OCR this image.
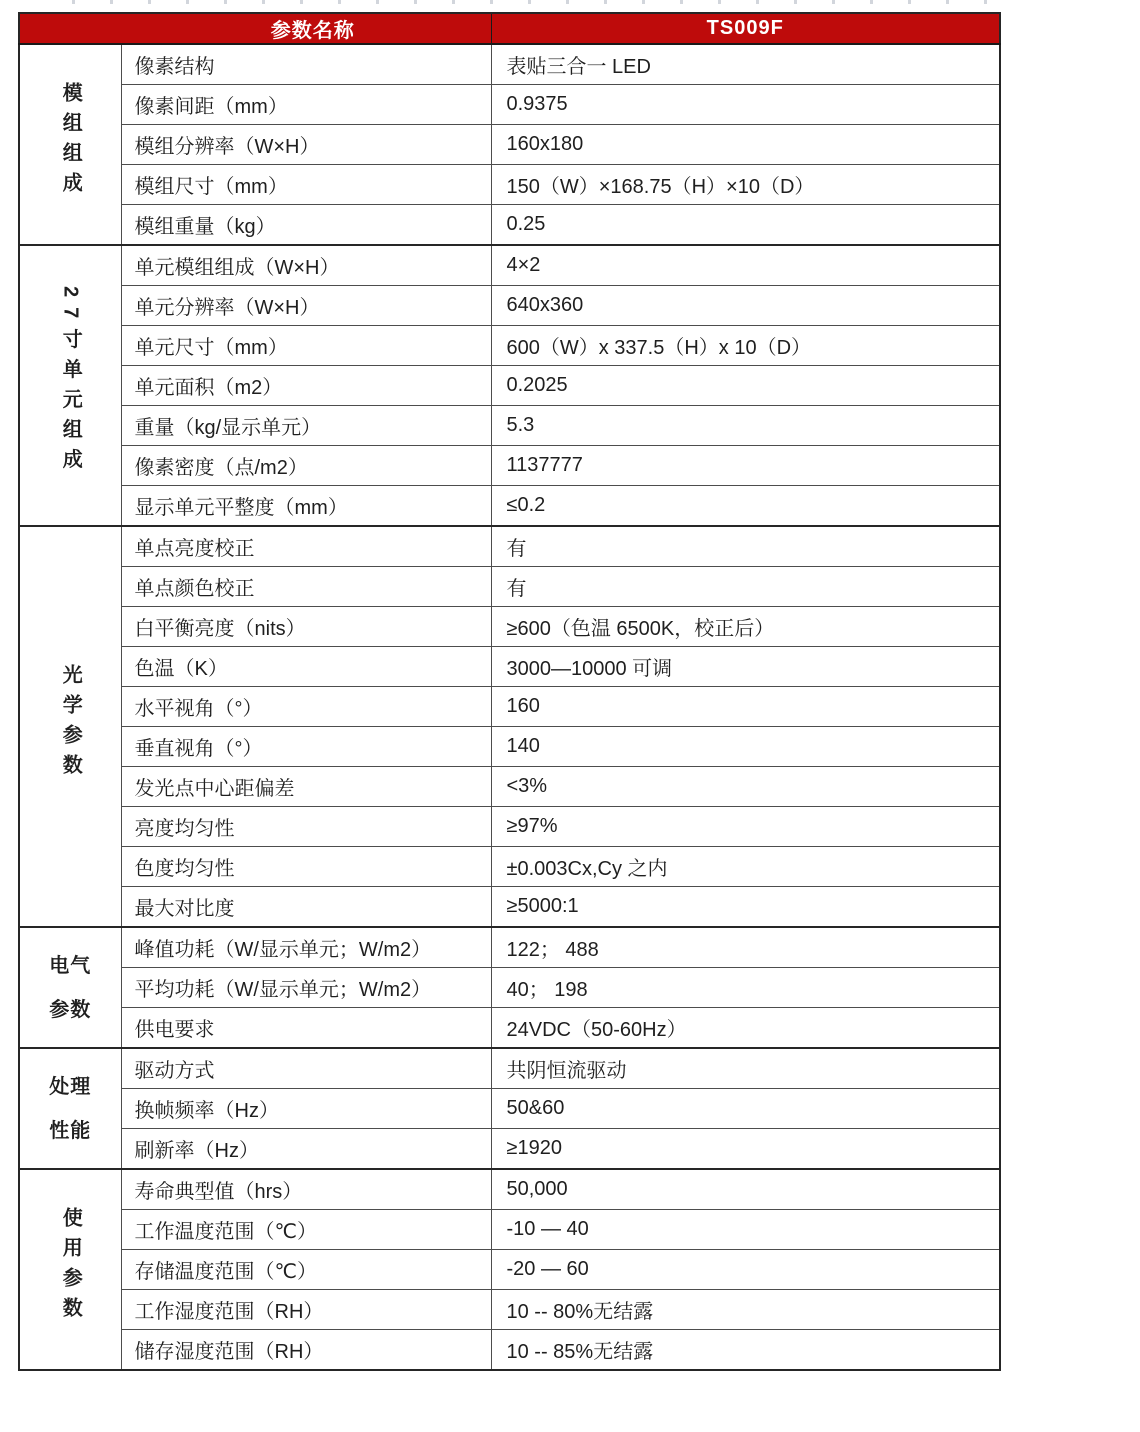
参数名称		TS009F

模组组成	像素结构	表贴三合一 LED
	像素间距（mm）	0.9375
	模组分辨率（W×H）	160x180
	模组尺寸（mm）	150（W）×168.75（H）×10（D）
	模组重量（kg）	0.25
27寸单元组成	单元模组组成（W×H）	4×2
	单元分辨率（W×H）	640x360
	单元尺寸（mm）	600（W）x 337.5（H）x 10（D）
	单元面积（m2）	0.2025
	重量（kg/显示单元）	5.3
	像素密度（点/m2）	1137777
	显示单元平整度（mm）	≤0.2
光学参数	单点亮度校正	有
	单点颜色校正	有
	白平衡亮度（nits）	≥600（色温 6500K，校正后）
	色温（K）	3000—10000 可调
	水平视角（°）	160
	垂直视角（°）	140
	发光点中心距偏差	<3%
	亮度均匀性	≥97%
	色度均匀性	±0.003Cx,Cy 之内
	最大对比度	≥5000:1
电气参数	峰值功耗（W/显示单元；W/m2）	122； 488
	平均功耗（W/显示单元；W/m2）	40； 198
	供电要求	24VDC（50-60Hz）
处理性能	驱动方式	共阴恒流驱动
	换帧频率（Hz）	50&60
	刷新率（Hz）	≥1920
使用参数	寿命典型值（hrs）	50,000
	工作温度范围（℃）	-10 — 40
	存储温度范围（℃）	-20 — 60
	工作湿度范围（RH）	10 -- 80%无结露
	储存湿度范围（RH）	10 -- 85%无结露
